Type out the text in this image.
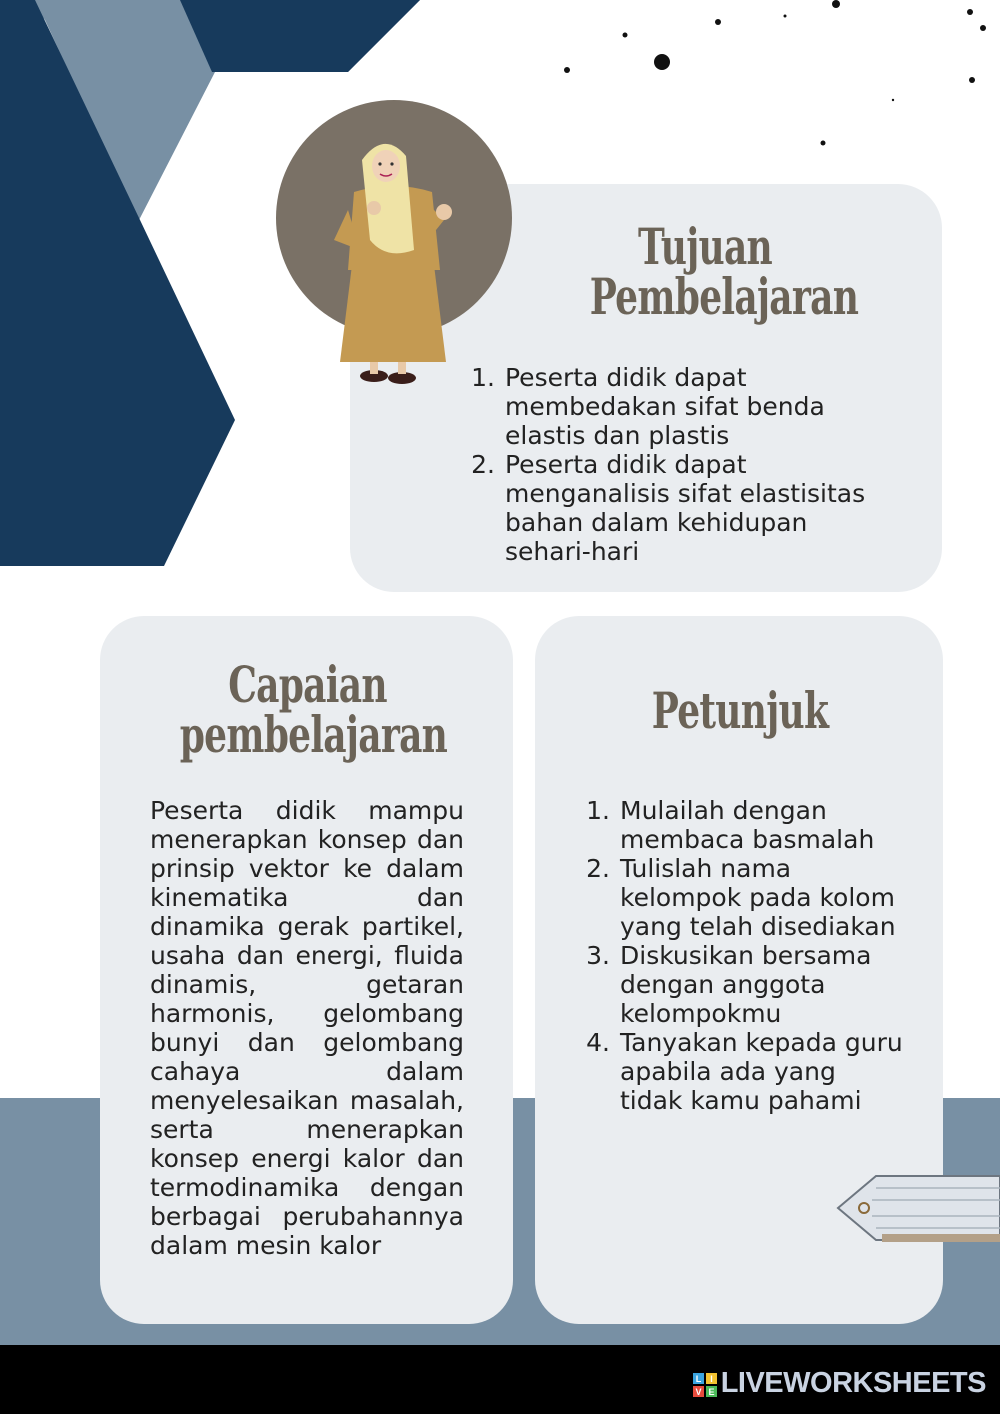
Tujuan
Pembelajaran
1. Peserta didik dapat
membedakan sifat benda
elastis dan plastis
2. Peserta didik dapat
menganalisis sifat elastisitas
bahan dalam kehidupan
sehari-hari
Capaian
pembelajaran

Peserta didik mampu menerapkan konsep dan prinsip vektor ke dalam kinematika dan dinamika gerak partikel, usaha dan energi, fluida dinamis, getaran harmonis, gelombang bunyi dan gelombang cahaya dalam menyelesaikan masalah, serta menerapkan konsep energi kalor dan termodinamika dengan berbagai perubahannya dalam mesin kalor

Petunjuk
1. Mulailah dengan
membaca basmalah
2. Tulislah nama
kelompok pada kolom
yang telah disediakan
3. Diskusikan bersama
dengan anggota
kelompokmu
4. Tanyakan kepada guru
apabila ada yang
tidak kamu pahami
L I
V E LIVEWORKSHEETS
